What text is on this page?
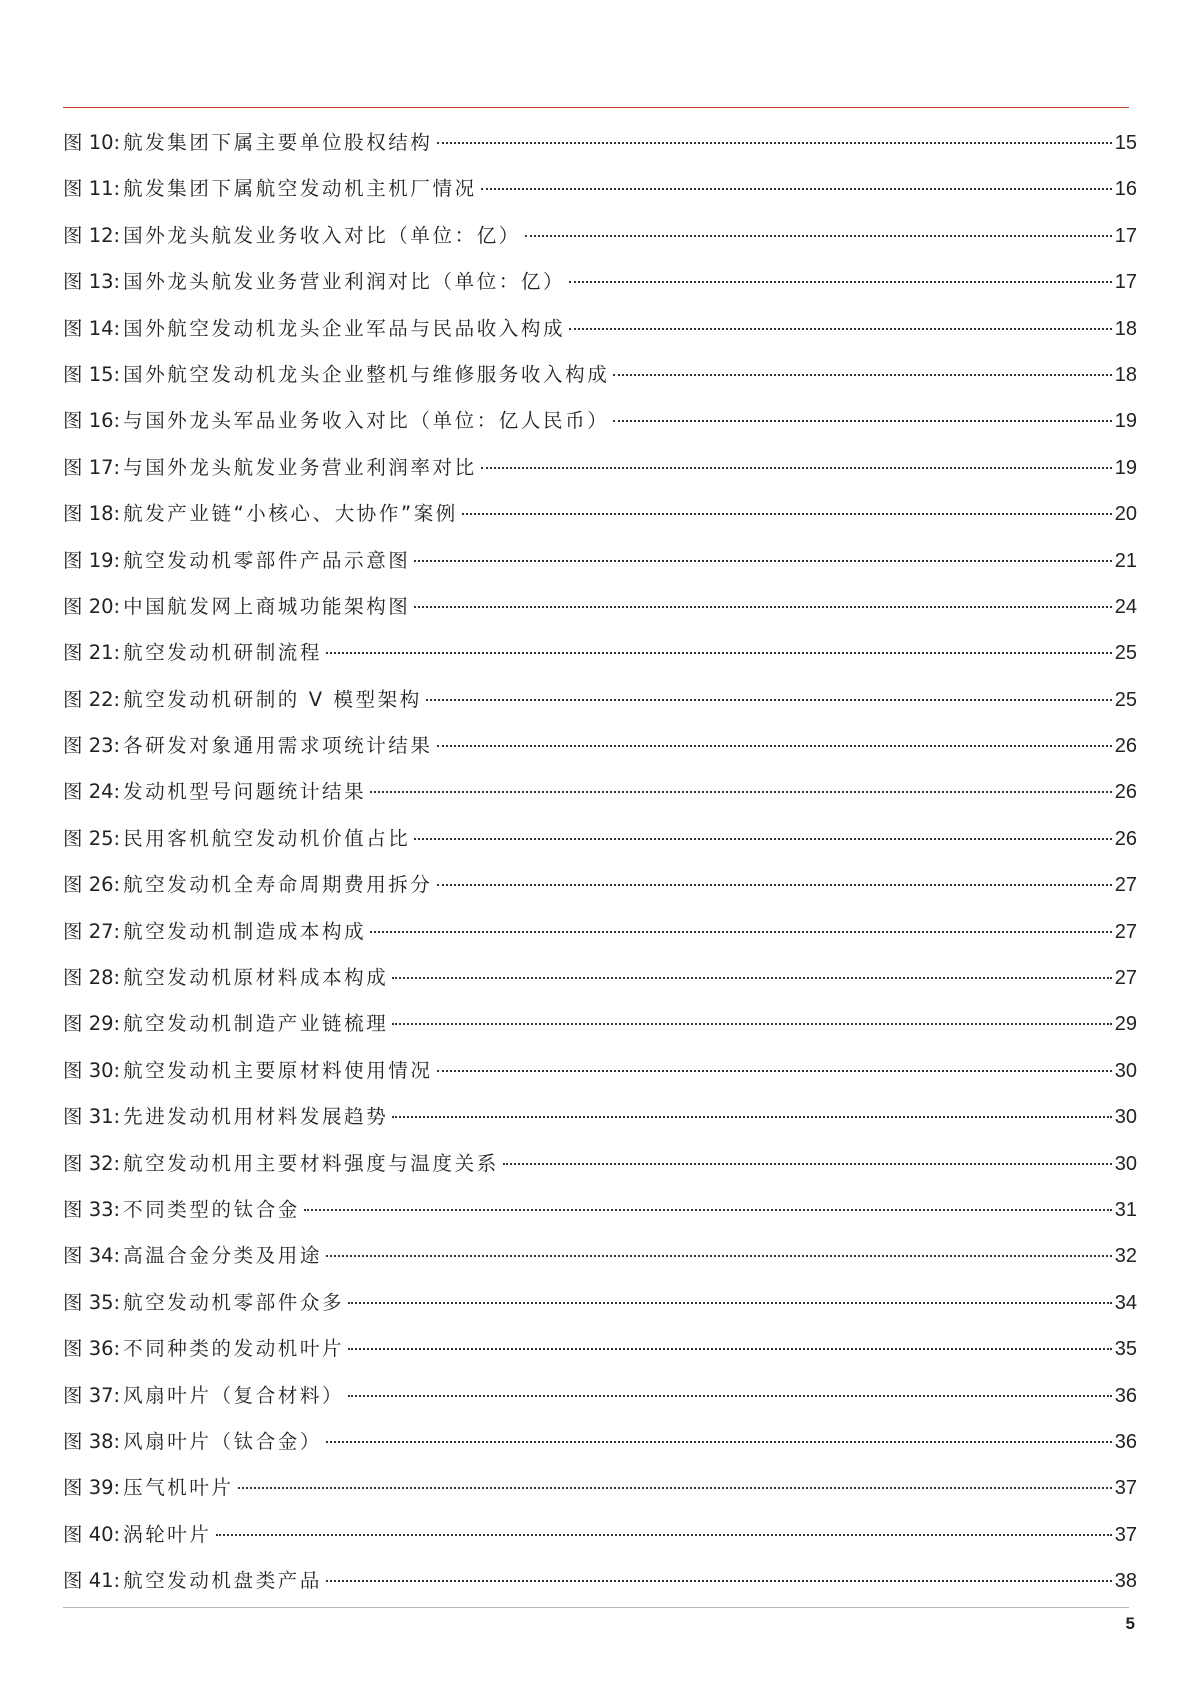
图 10: 航发集团下属主要单位股权结构	15
图 11: 航发集团下属航空发动机主机厂情况	16
图 12: 国外龙头航发业务收入对比（单位：亿）	17
图 13: 国外龙头航发业务营业利润对比（单位：亿）	17
图 14: 国外航空发动机龙头企业军品与民品收入构成	18
图 15: 国外航空发动机龙头企业整机与维修服务收入构成	18
图 16: 与国外龙头军品业务收入对比（单位：亿人民币）	19
图 17: 与国外龙头航发业务营业利润率对比	19
图 18: 航发产业链“小核心、大协作”案例	20
图 19: 航空发动机零部件产品示意图	21
图 20: 中国航发网上商城功能架构图	24
图 21: 航空发动机研制流程	25
图 22: 航空发动机研制的 V 模型架构	25
图 23: 各研发对象通用需求项统计结果	26
图 24: 发动机型号问题统计结果	26
图 25: 民用客机航空发动机价值占比	26
图 26: 航空发动机全寿命周期费用拆分	27
图 27: 航空发动机制造成本构成	27
图 28: 航空发动机原材料成本构成	27
图 29: 航空发动机制造产业链梳理	29
图 30: 航空发动机主要原材料使用情况	30
图 31: 先进发动机用材料发展趋势	30
图 32: 航空发动机用主要材料强度与温度关系	30
图 33: 不同类型的钛合金	31
图 34: 高温合金分类及用途	32
图 35: 航空发动机零部件众多	34
图 36: 不同种类的发动机叶片	35
图 37: 风扇叶片（复合材料）	36
图 38: 风扇叶片（钛合金）	36
图 39: 压气机叶片	37
图 40: 涡轮叶片	37
图 41: 航空发动机盘类产品	38
5
